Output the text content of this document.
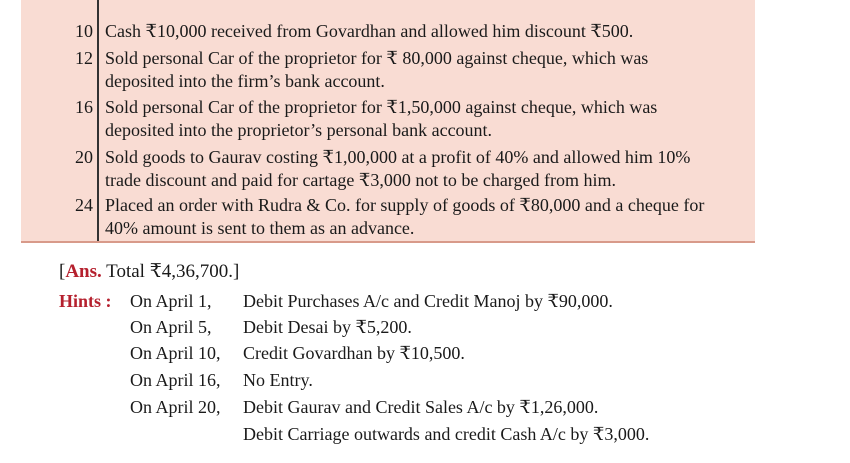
10 Cash ₹10,000 received from Govardhan and allowed him discount ₹500.
12 Sold personal Car of the proprietor for ₹ 80,000 against cheque, which was
deposited into the firm’s bank account.
16 Sold personal Car of the proprietor for ₹1,50,000 against cheque, which was
deposited into the proprietor’s personal bank account.
20 Sold goods to Gaurav costing ₹1,00,000 at a profit of 40% and allowed him 10%
trade discount and paid for cartage ₹3,000 not to be charged from him.
24 Placed an order with Rudra & Co. for supply of goods of ₹80,000 and a cheque for
40% amount is sent to them as an advance.
[Ans. Total ₹4,36,700.]
Hints : On April 1, Debit Purchases A/c and Credit Manoj by ₹90,000.
On April 5, Debit Desai by ₹5,200.
On April 10, Credit Govardhan by ₹10,500.
On April 16, No Entry.
On April 20, Debit Gaurav and Credit Sales A/c by ₹1,26,000.
Debit Carriage outwards and credit Cash A/c by ₹3,000.
